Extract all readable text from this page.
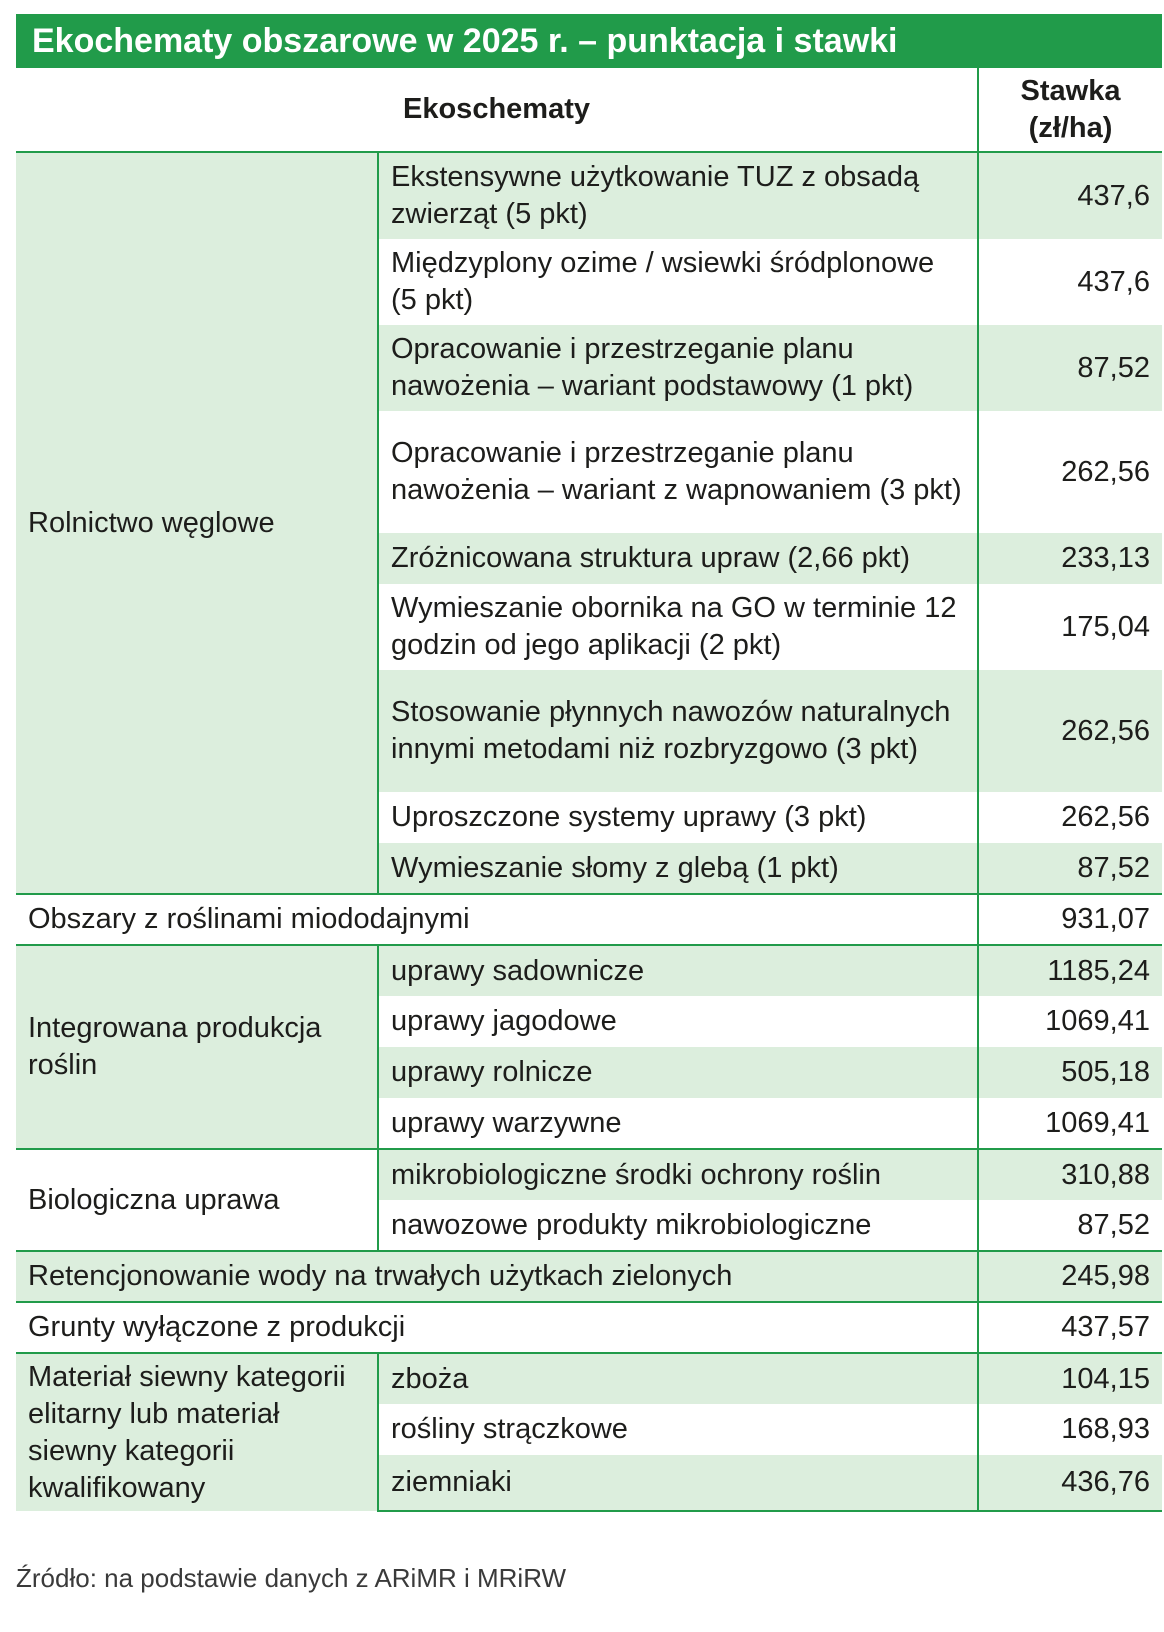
Ekochematy obszarowe w 2025 r. – punktacja i stawki
Ekoschematy		Stawka
(zł/ha)

Rolnictwo węglowe	Ekstensywne użytkowanie TUZ z obsadą zwierząt (5 pkt)	437,6
	Międzyplony ozime / wsiewki śródplonowe (5 pkt)	437,6
	Opracowanie i przestrzeganie planu nawożenia – wariant podstawowy (1 pkt)	87,52
	Opracowanie i przestrzeganie planu nawożenia – wariant z wapnowaniem (3 pkt)	262,56
	Zróżnicowana struktura upraw (2,66 pkt)	233,13
	Wymieszanie obornika na GO w terminie 12 godzin od jego aplikacji (2 pkt)	175,04
	Stosowanie płynnych nawozów naturalnych innymi metodami niż rozbryzgowo (3 pkt)	262,56
	Uproszczone systemy uprawy (3 pkt)	262,56
	Wymieszanie słomy z glebą (1 pkt)	87,52
Obszary z roślinami miododajnymi		931,07
Integrowana produkcja roślin	uprawy sadownicze	1185,24
	uprawy jagodowe	1069,41
	uprawy rolnicze	505,18
	uprawy warzywne	1069,41
Biologiczna uprawa	mikrobiologiczne środki ochrony roślin	310,88
	nawozowe produkty mikrobiologiczne	87,52
Retencjonowanie wody na trwałych użytkach zielonych		245,98
Grunty wyłączone z produkcji		437,57
Materiał siewny kategorii elitarny lub materiał siewny kategorii kwalifikowany	zboża	104,15
	rośliny strączkowe	168,93
	ziemniaki	436,76
Źródło: na podstawie danych z ARiMR i MRiRW
